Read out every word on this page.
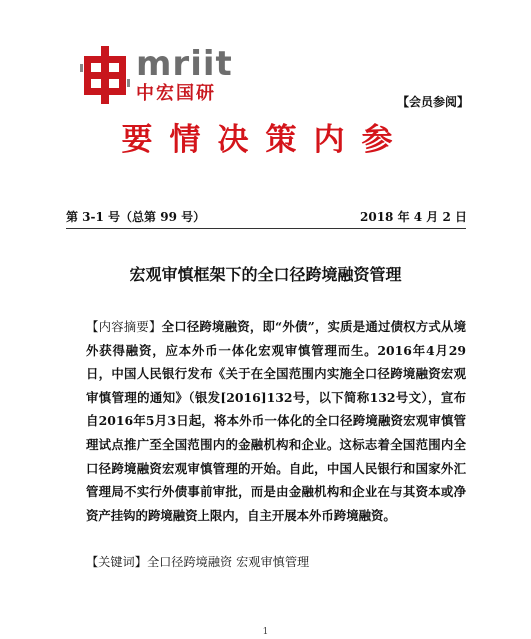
mriit
中宏国研	【会员参阅】
要情决策内参
第 3-1 号（总第 99 号）	2018 年 4 月 2 日
宏观审慎框架下的全口径跨境融资管理
【内容摘要】全口径跨境融资，即“外债”，实质是通过债权方式从境外获得融资，应本外币一体化宏观审慎管理而生。2016年4月29日，中国人民银行发布《关于在全国范围内实施全口径跨境融资宏观审慎管理的通知》（银发[2016]132号，以下简称132号文），宣布自2016年5月3日起，将本外币一体化的全口径跨境融资宏观审慎管理试点推广至全国范围内的金融机构和企业。这标志着全国范围内全口径跨境融资宏观审慎管理的开始。自此，中国人民银行和国家外汇管理局不实行外债事前审批，而是由金融机构和企业在与其资本或净资产挂钩的跨境融资上限内，自主开展本外币跨境融资。
【关键词】全口径跨境融资 宏观审慎管理
1
